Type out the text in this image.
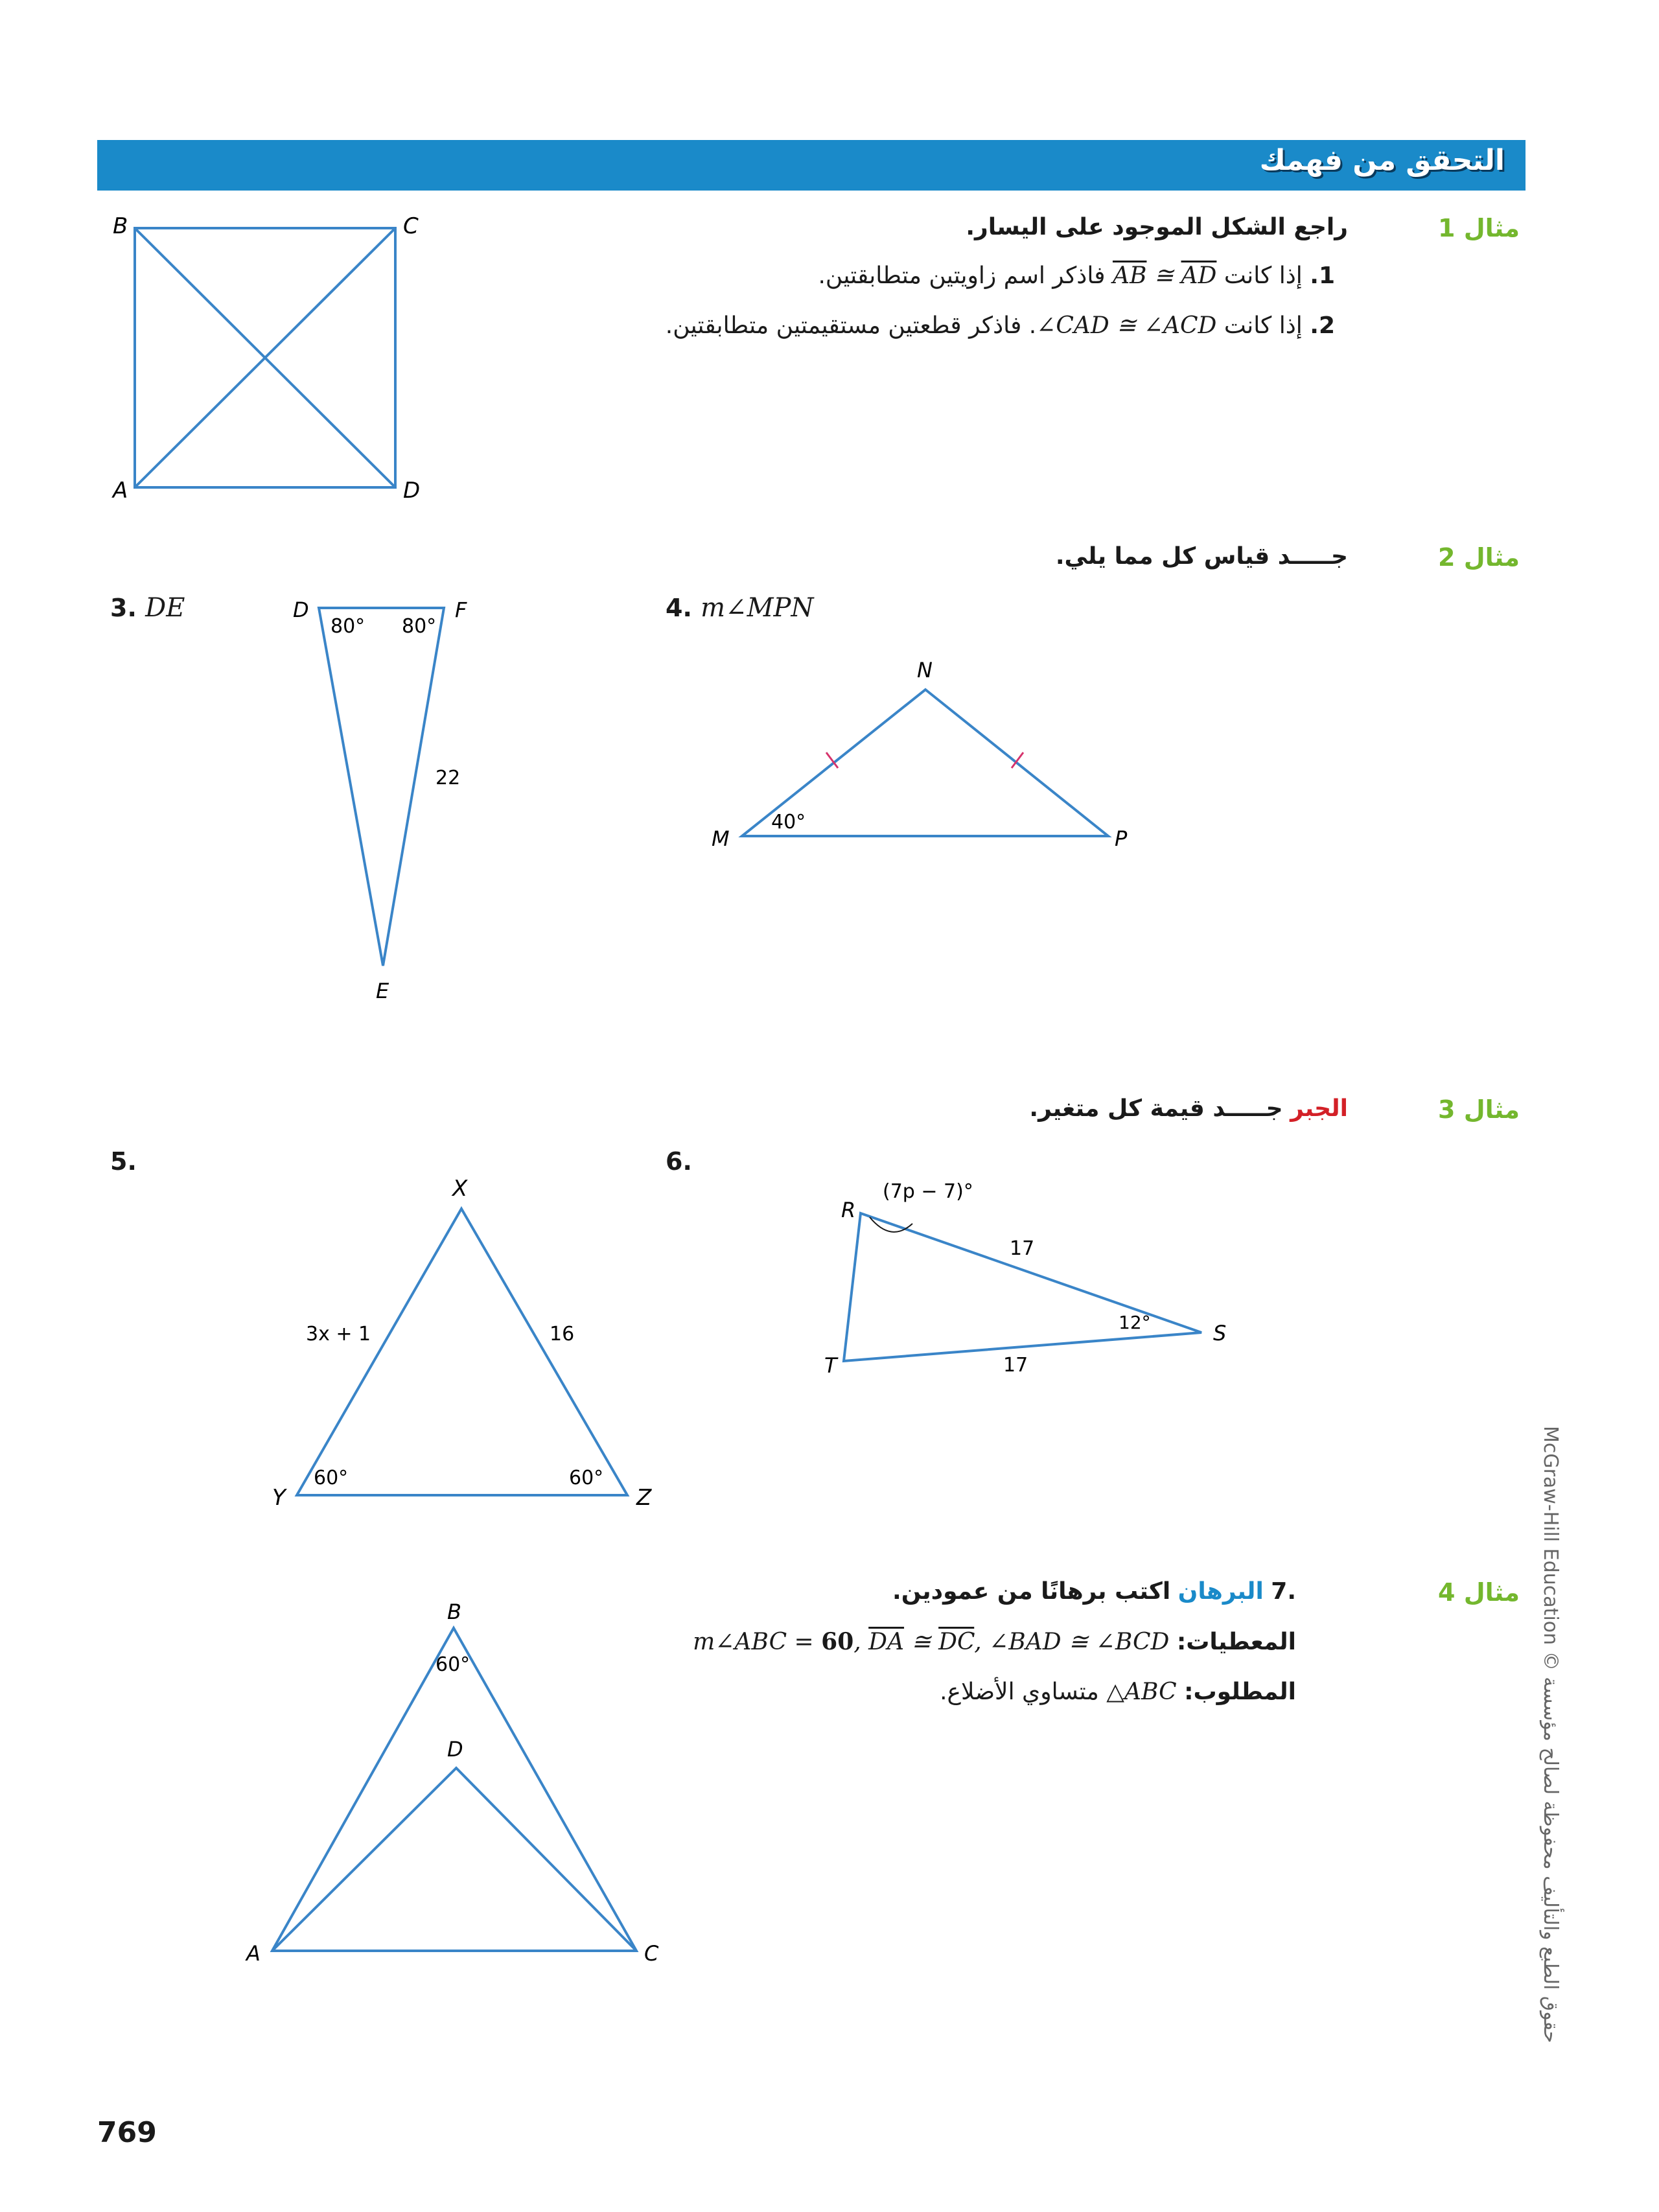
التحقق من فهمك
مثال 1
راجع الشكل الموجود على اليسار.
1. إذا كانت $\overline{AB}$ ≅ $\overline{AD}$ فاذكر اسم زاويتين متطابقتين.
2. إذا كانت ∠CAD ≅ ∠ACD. فاذكر قطعتين مستقيمتين متطابقتين.
B	C
A	D
مثال 2
جـــــد قياس كل مما يلي.
3. DE	D	F
E
80° 80°
22
4. m∠MPN
N
M	P
40°
مثال 3
الجبر جـــــد قيمة كل متغير.
5.
X
Y	Z
3x + 1	16
60°	60°
6.
R
S
T
(7p − 7)°
17
17
12°
مثال 4
.7 البرهان اكتب برهانًا من عمودين.
المعطيات: m∠ABC = 60, $\overline{DA}$ ≅ $\overline{DC}$, ∠BAD ≅ ∠BCD
المطلوب: △ABC متساوي الأضلاع.
B
D
A	C
60°
769
McGraw-Hill Education © حقوق الطبع والتأليف محفوظة لصالح مؤسسة
